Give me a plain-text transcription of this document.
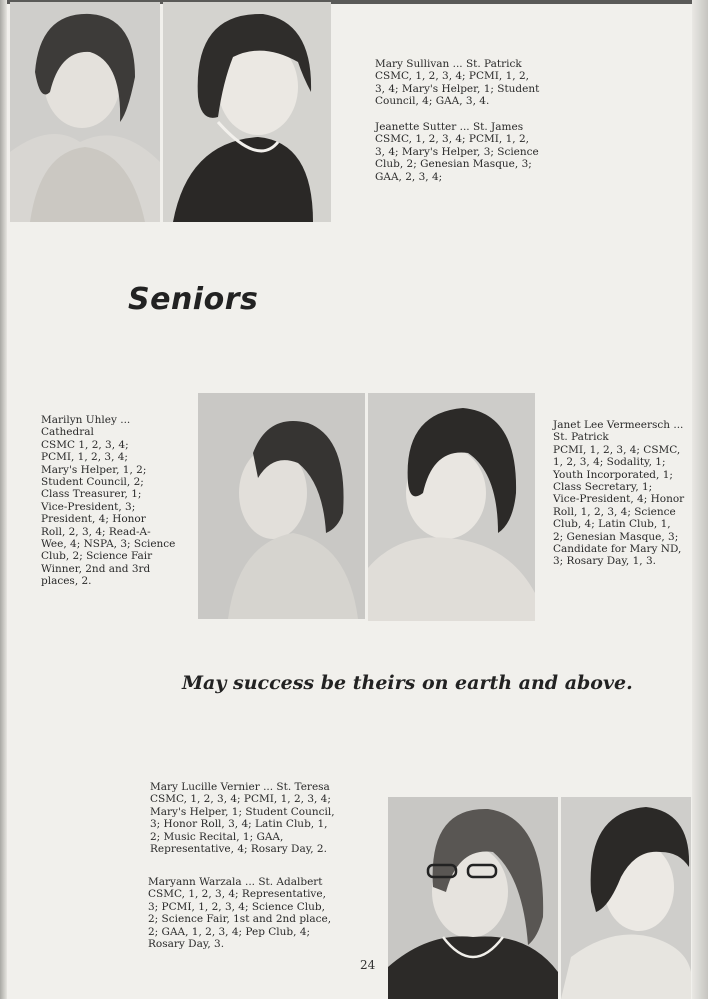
Mary Sullivan ... St. Patrick
CSMC, 1, 2, 3, 4; PCMI, 1, 2,
3, 4; Mary's Helper, 1; Student
Council, 4; GAA, 3, 4.
Jeanette Sutter ... St. James
CSMC, 1, 2, 3, 4; PCMI, 1, 2,
3, 4; Mary's Helper, 3; Science
Club, 2; Genesian Masque, 3;
GAA, 2, 3, 4;
Seniors
Marilyn Uhley ...
Cathedral
CSMC 1, 2, 3, 4;
PCMI, 1, 2, 3, 4;
Mary's Helper, 1, 2;
Student Council, 2;
Class Treasurer, 1;
Vice-President, 3;
President, 4; Honor
Roll, 2, 3, 4; Read-A-
Wee, 4; NSPA, 3; Science
Club, 2; Science Fair
Winner, 2nd and 3rd
places, 2.
Janet Lee Vermeersch ...
St. Patrick
PCMI, 1, 2, 3, 4; CSMC,
1, 2, 3, 4; Sodality, 1;
Youth Incorporated, 1;
Class Secretary, 1;
Vice-President, 4; Honor
Roll, 1, 2, 3, 4; Science
Club, 4; Latin Club, 1,
2; Genesian Masque, 3;
Candidate for Mary ND,
3; Rosary Day, 1, 3.
May success be theirs on earth and above.
Mary Lucille Vernier ... St. Teresa
CSMC, 1, 2, 3, 4; PCMI, 1, 2, 3, 4;
Mary's Helper, 1; Student Council,
3; Honor Roll, 3, 4; Latin Club, 1,
2; Music Recital, 1; GAA,
Representative, 4; Rosary Day, 2.
Maryann Warzala ... St. Adalbert
CSMC, 1, 2, 3, 4; Representative,
3; PCMI, 1, 2, 3, 4; Science Club,
2; Science Fair, 1st and 2nd place,
2; GAA, 1, 2, 3, 4; Pep Club, 4;
Rosary Day, 3.
24
